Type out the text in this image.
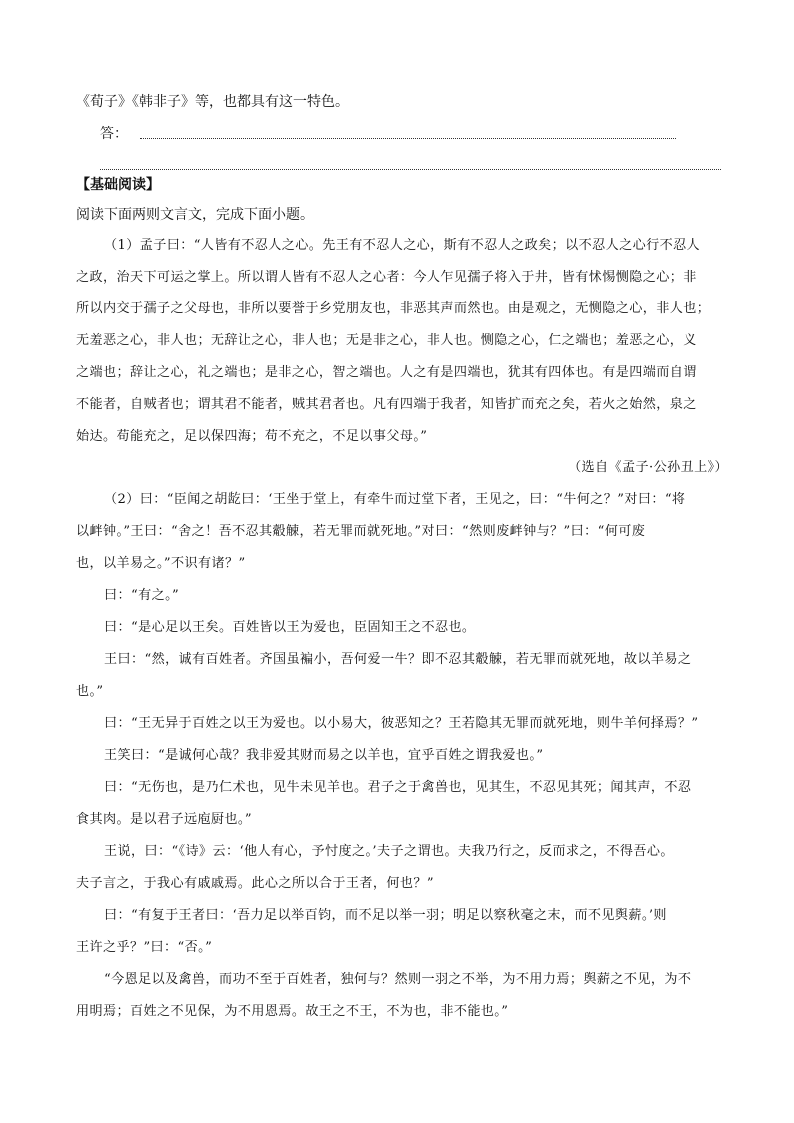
《荀子》《韩非子》等，也都具有这一特色。
答：
【基础阅读】
阅读下面两则文言文，完成下面小题。
（1）孟子曰：“人皆有不忍人之心。先王有不忍人之心，斯有不忍人之政矣；以不忍人之心行不忍人
之政，治天下可运之掌上。所以谓人皆有不忍人之心者：今人乍见孺子将入于井，皆有怵惕恻隐之心；非
所以内交于孺子之父母也，非所以要誉于乡党朋友也，非恶其声而然也。由是观之，无恻隐之心，非人也；
无羞恶之心，非人也；无辞让之心，非人也；无是非之心，非人也。恻隐之心，仁之端也；羞恶之心，义
之端也；辞让之心，礼之端也；是非之心，智之端也。人之有是四端也，犹其有四体也。有是四端而自谓
不能者，自贼者也；谓其君不能者，贼其君者也。凡有四端于我者，知皆扩而充之矣，若火之始然，泉之
始达。苟能充之，足以保四海；苟不充之，不足以事父母。”
（选自《孟子·公孙丑上》）
（2）曰：“臣闻之胡龁曰：‘王坐于堂上，有牵牛而过堂下者，王见之，曰：“牛何之？”对曰：“将
以衅钟。”王曰：“舍之！吾不忍其觳觫，若无罪而就死地。”对曰：“然则废衅钟与？”曰：“何可废
也，以羊易之。”不识有诸？”
曰：“有之。”
曰：“是心足以王矣。百姓皆以王为爱也，臣固知王之不忍也。
王曰：“然，诚有百姓者。齐国虽褊小，吾何爱一牛？即不忍其觳觫，若无罪而就死地，故以羊易之
也。”
曰：“王无异于百姓之以王为爱也。以小易大，彼恶知之？王若隐其无罪而就死地，则牛羊何择焉？”
王笑曰：“是诚何心哉？我非爱其财而易之以羊也，宜乎百姓之谓我爱也。”
曰：“无伤也，是乃仁术也，见牛未见羊也。君子之于禽兽也，见其生，不忍见其死；闻其声，不忍
食其肉。是以君子远庖厨也。”
王说，曰：“《诗》云：‘他人有心，予忖度之。’夫子之谓也。夫我乃行之，反而求之，不得吾心。
夫子言之，于我心有戚戚焉。此心之所以合于王者，何也？”
曰：“有复于王者曰：‘吾力足以举百钧，而不足以举一羽；明足以察秋毫之末，而不见舆薪。’则
王许之乎？”曰：“否。”
“今恩足以及禽兽，而功不至于百姓者，独何与？然则一羽之不举，为不用力焉；舆薪之不见，为不
用明焉；百姓之不见保，为不用恩焉。故王之不王，不为也，非不能也。”
